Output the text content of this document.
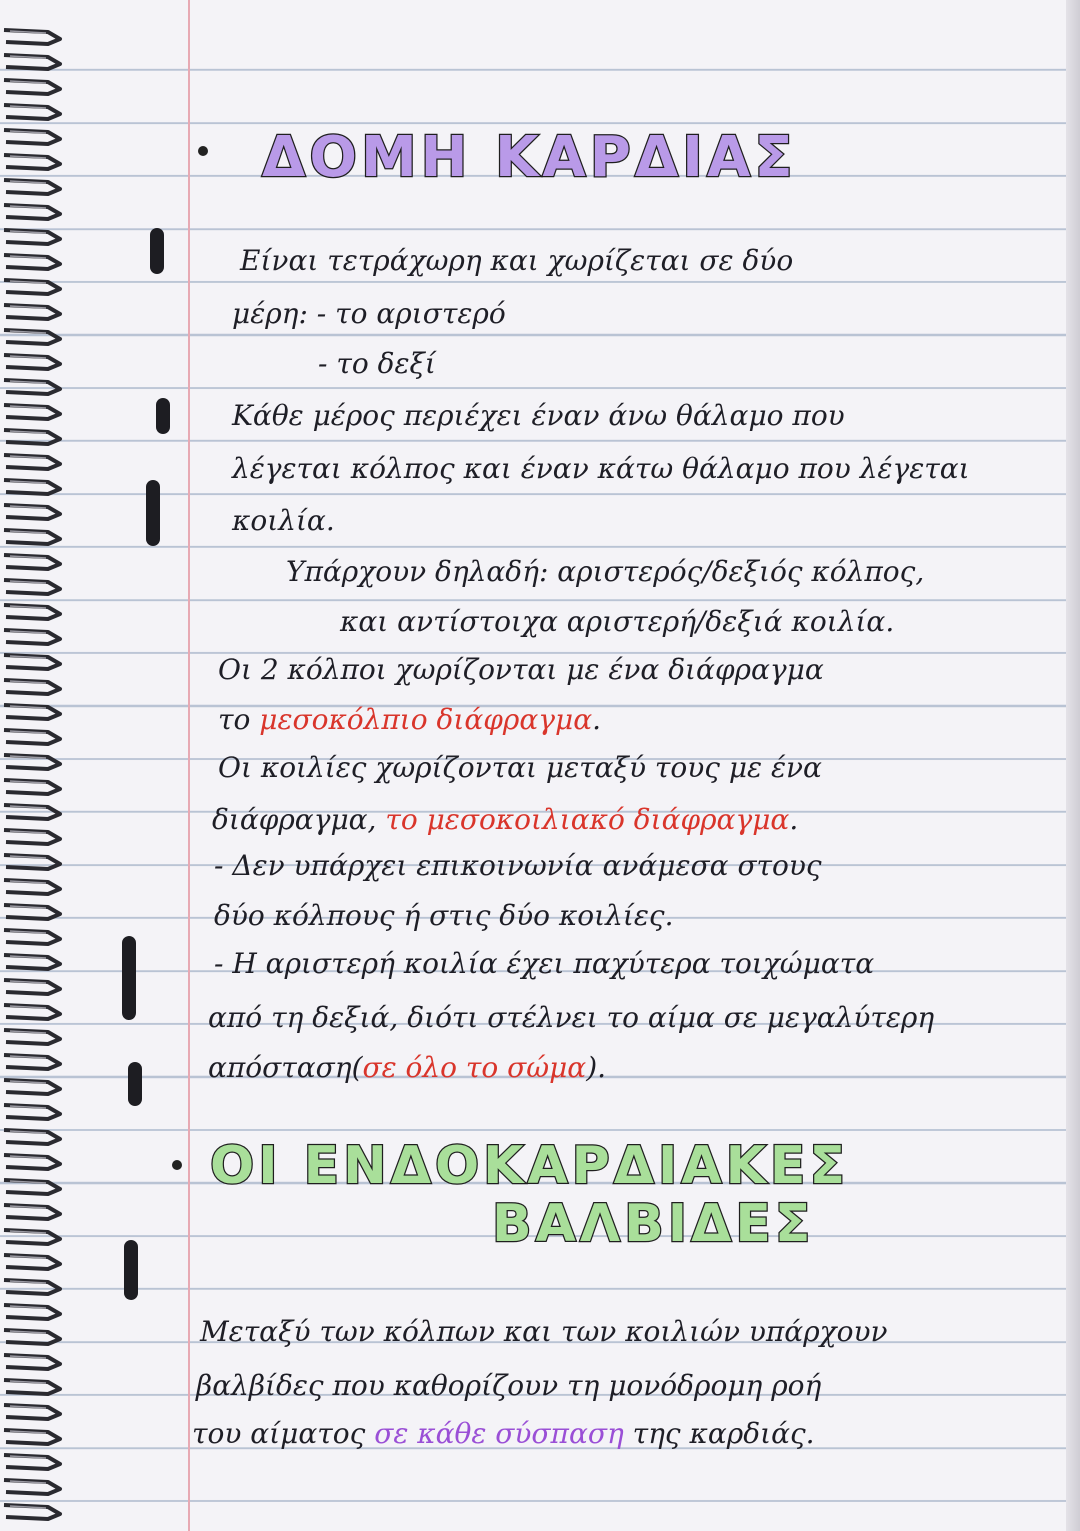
ΔΟΜΗ ΚΑΡΔΙΑΣ

Είναι τετράχωρη και χωρίζεται σε δύο

μέρη: - το αριστερό

- το δεξί

Κάθε μέρος περιέχει έναν άνω θάλαμο που

λέγεται κόλπος και έναν κάτω θάλαμο που λέγεται

κοιλία.

Υπάρχουν δηλαδή: αριστερός/δεξιός κόλπος,

και αντίστοιχα αριστερή/δεξιά κοιλία.

Οι 2 κόλποι χωρίζονται με ένα διάφραγμα

το μεσοκόλπιο διάφραγμα.

Οι κοιλίες χωρίζονται μεταξύ τους με ένα

διάφραγμα, το μεσοκοιλιακό διάφραγμα.

- Δεν υπάρχει επικοινωνία ανάμεσα στους

δύο κόλπους ή στις δύο κοιλίες.

- Η αριστερή κοιλία έχει παχύτερα τοιχώματα

από τη δεξιά, διότι στέλνει το αίμα σε μεγαλύτερη

απόσταση(σε όλο το σώμα).

ΟΙ ΕΝΔΟΚΑΡΔΙΑΚΕΣ
ΒΑΛΒΙΔΕΣ

Μεταξύ των κόλπων και των κοιλιών υπάρχουν

βαλβίδες που καθορίζουν τη μονόδρομη ροή

του αίματος σε κάθε σύσπαση της καρδιάς.
